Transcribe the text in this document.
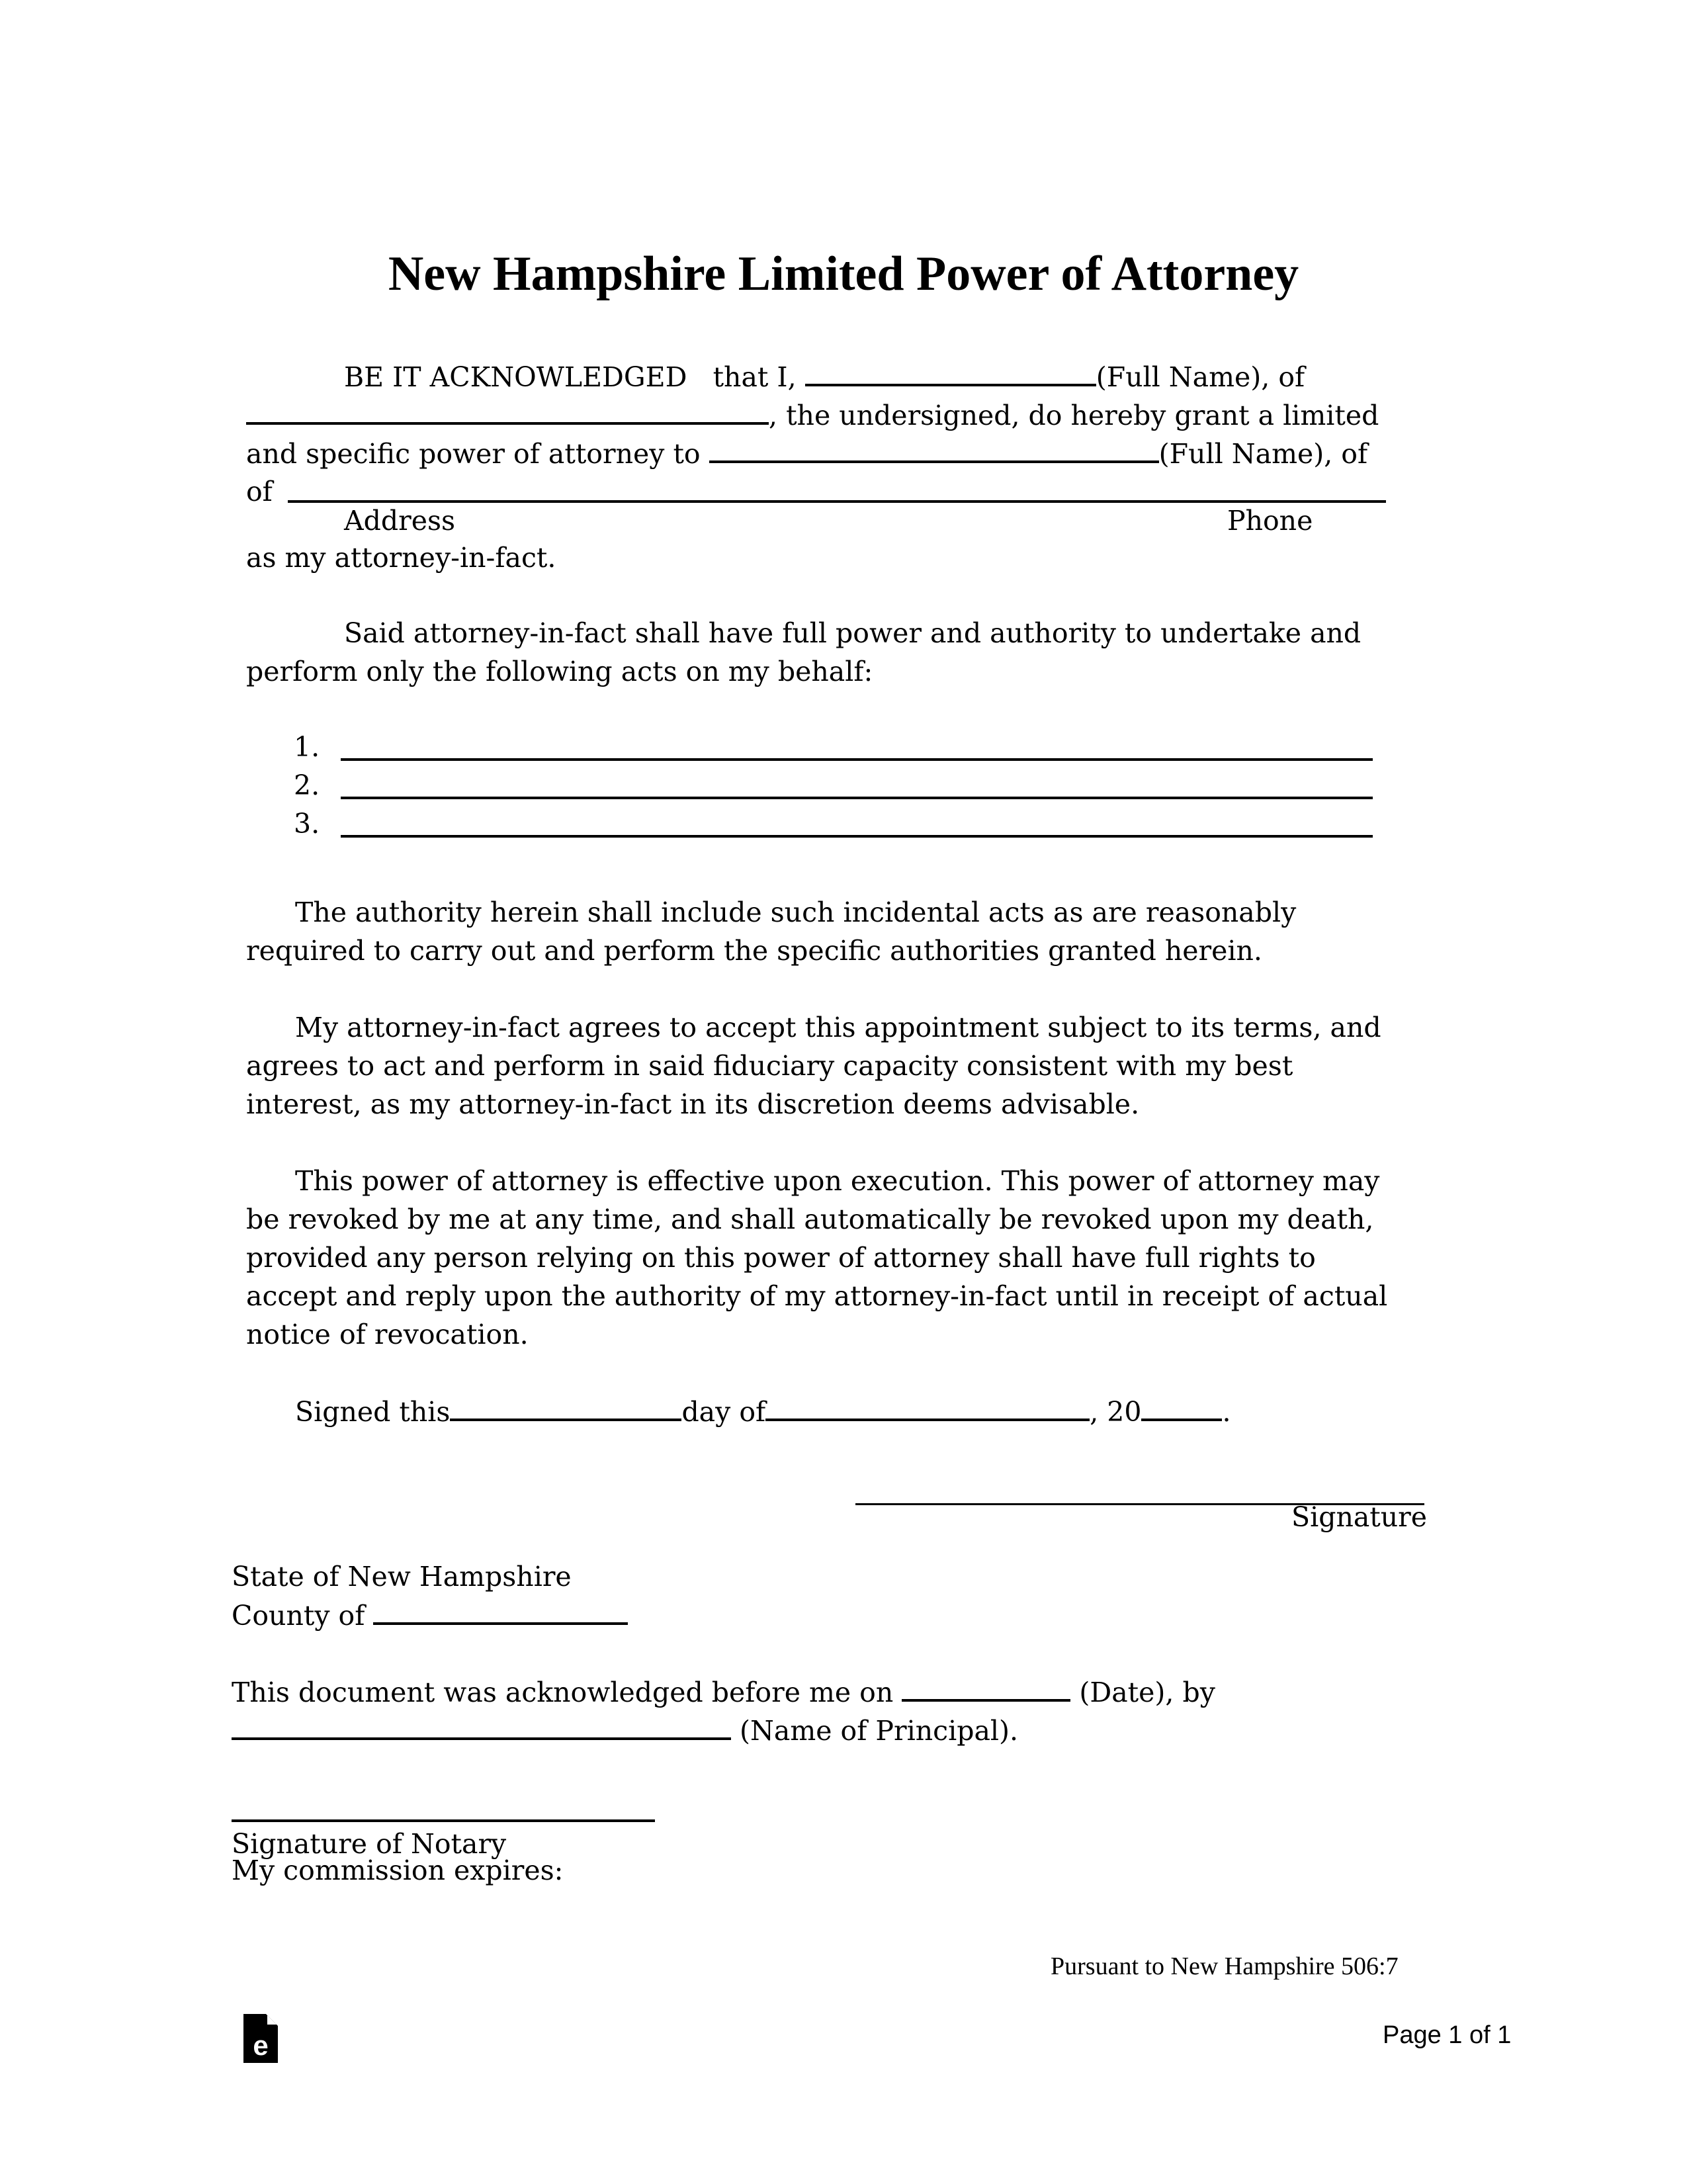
New Hampshire Limited Power of Attorney
BE IT ACKNOWLEDGED   that I,	(Full Name), of
, the undersigned, do hereby grant a limited
and specific power of attorney to	(Full Name), of
of
Address	Phone
as my attorney-in-fact.
Said attorney-in-fact shall have full power and authority to undertake and
perform only the following acts on my behalf:
1.
2.
3.
The authority herein shall include such incidental acts as are reasonably
required to carry out and perform the specific authorities granted herein.
My attorney-in-fact agrees to accept this appointment subject to its terms, and
agrees to act and perform in said fiduciary capacity consistent with my best
interest, as my attorney-in-fact in its discretion deems advisable.
This power of attorney is effective upon execution. This power of attorney may
be revoked by me at any time, and shall automatically be revoked upon my death,
provided any person relying on this power of attorney shall have full rights to
accept and reply upon the authority of my attorney-in-fact until in receipt of actual
notice of revocation.
Signed this	day of	, 20	.
Signature
State of New Hampshire
County of
This document was acknowledged before me on	(Date), by
(Name of Principal).
Signature of Notary
My commission expires:
Pursuant to New Hampshire 506:7
e	Page 1 of 1
